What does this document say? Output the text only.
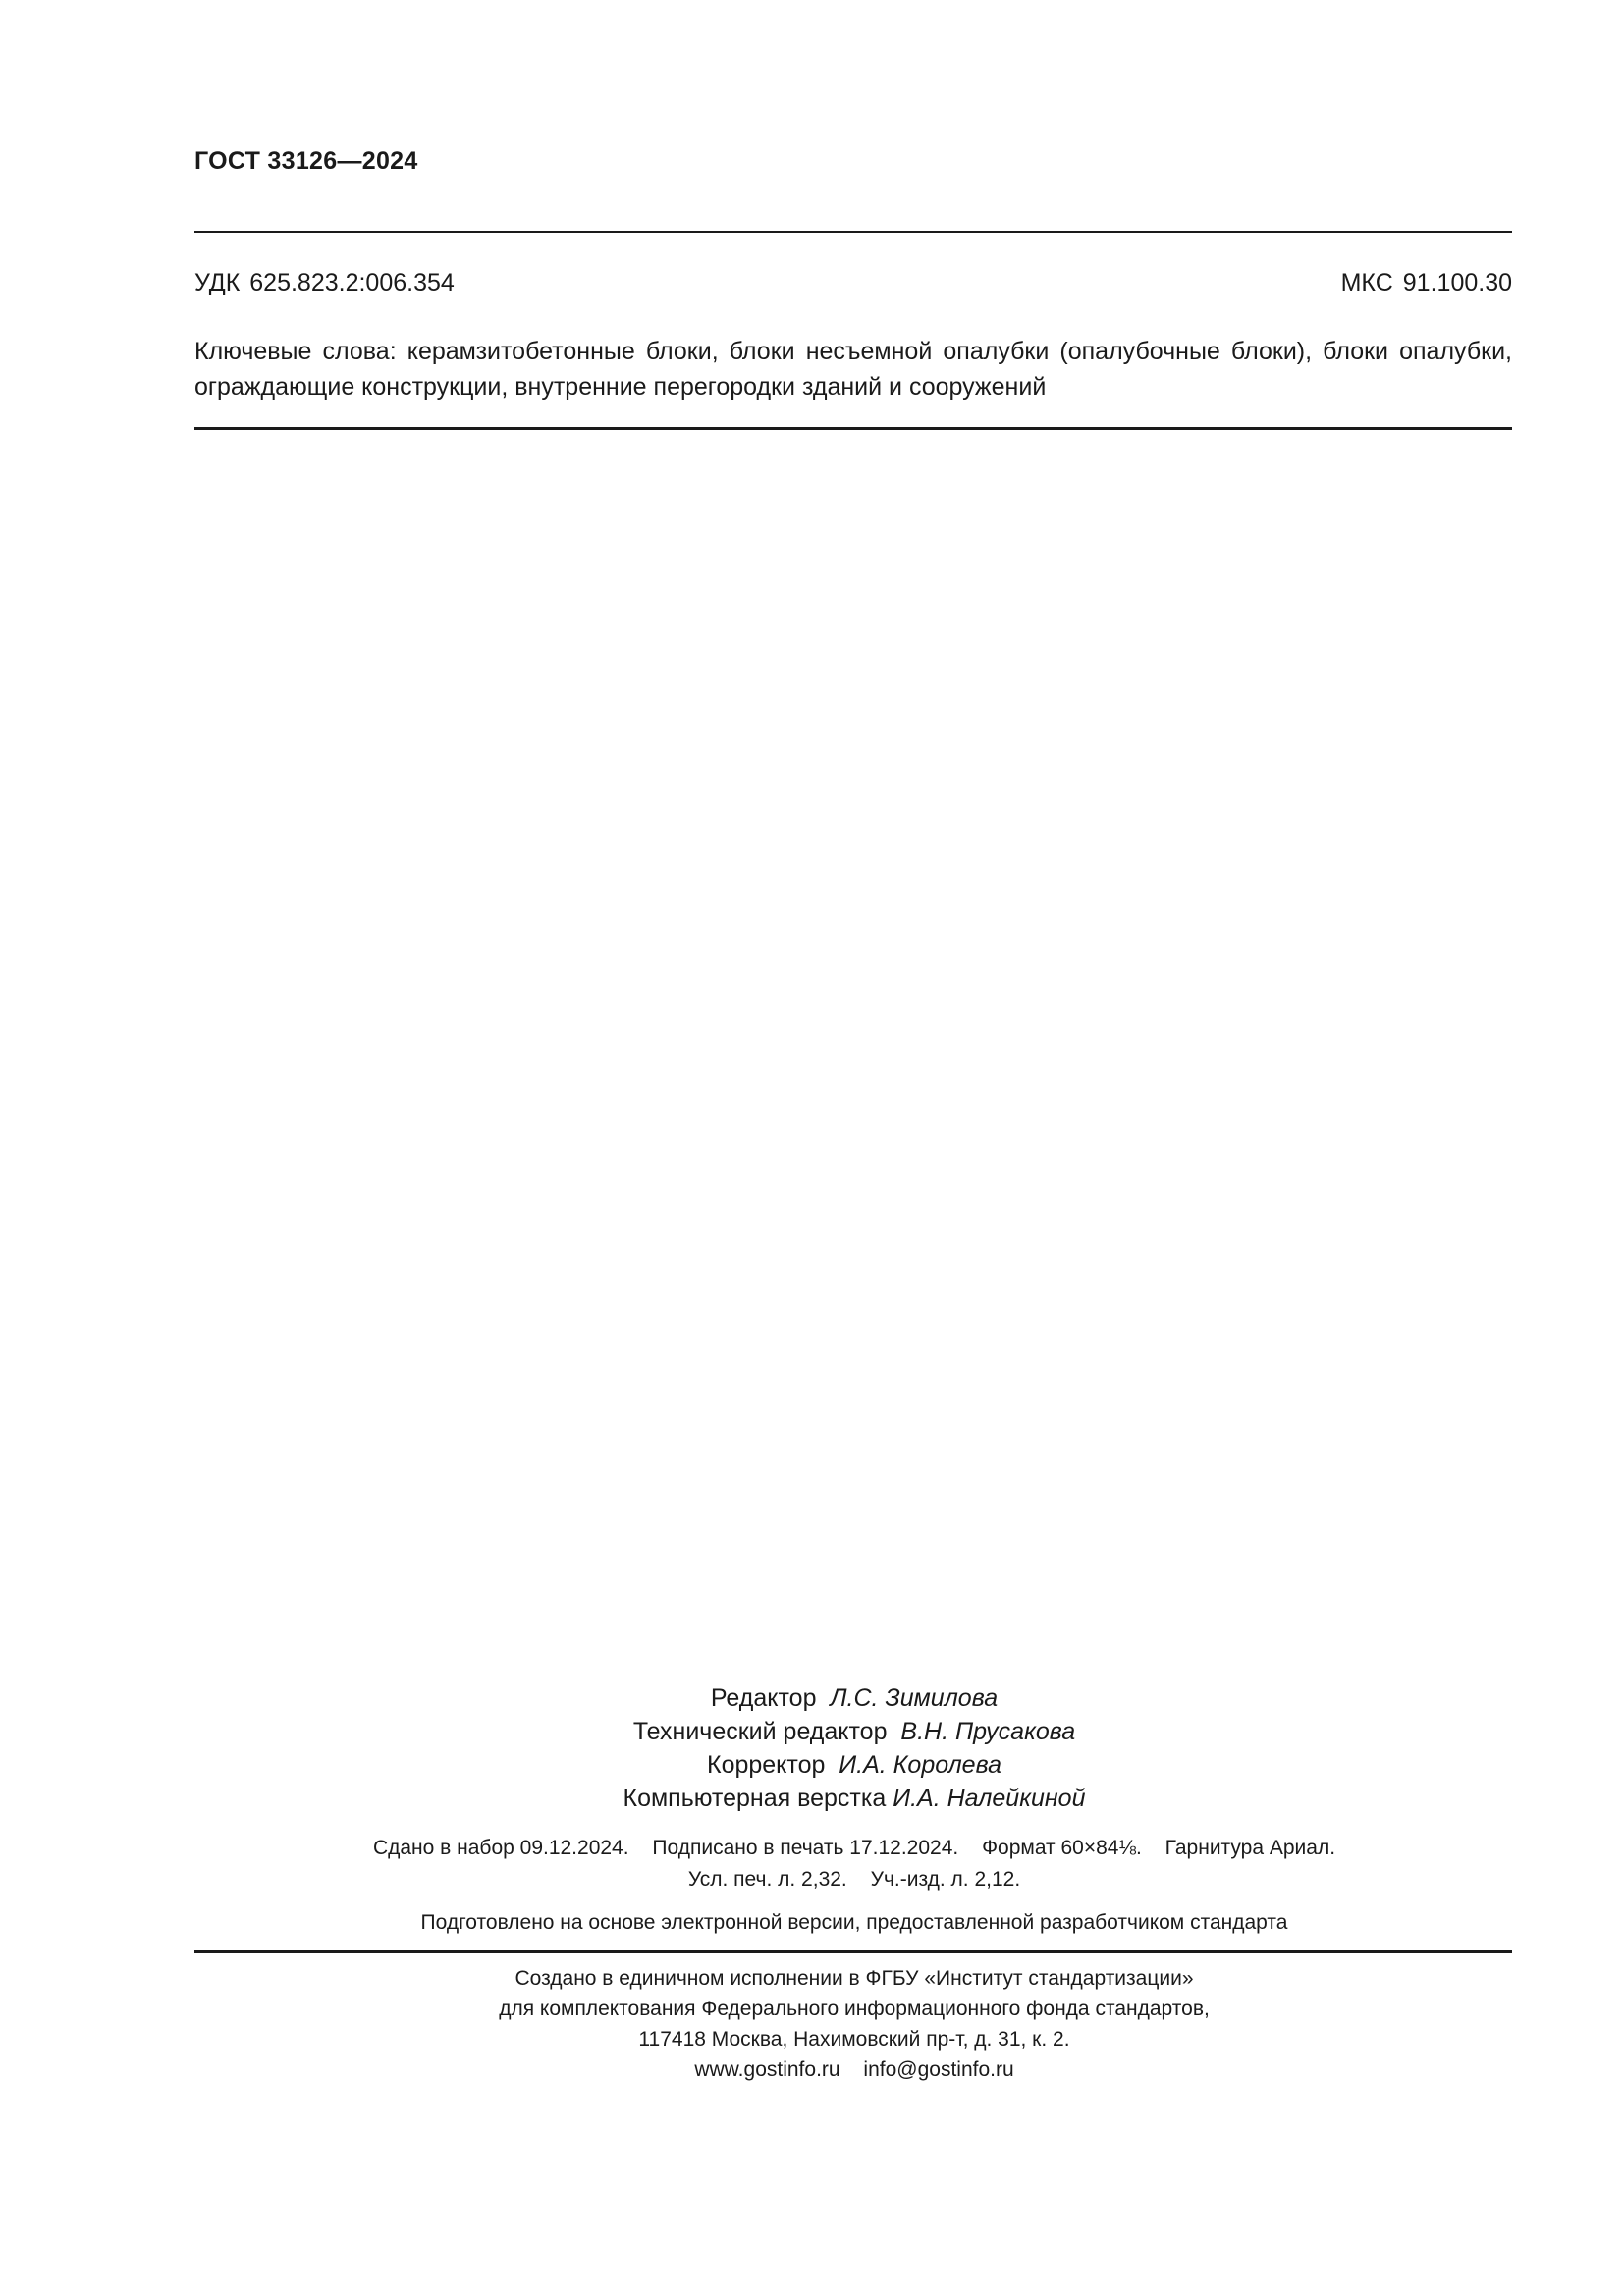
ГОСТ 33126—2024
УДК 625.823.2:006.354	МКС 91.100.30
Ключевые слова: керамзитобетонные блоки, блоки несъемной опалубки (опалубочные блоки), блоки опалубки, ограждающие конструкции, внутренние перегородки зданий и сооружений
Редактор Л.С. Зимилова
Технический редактор В.Н. Прусакова
Корректор И.А. Королева
Компьютерная верстка И.А. Налейкиной
Сдано в набор 09.12.2024. Подписано в печать 17.12.2024. Формат 60×84⅛. Гарнитура Ариал.
Усл. печ. л. 2,32. Уч.-изд. л. 2,12.
Подготовлено на основе электронной версии, предоставленной разработчиком стандарта
Создано в единичном исполнении в ФГБУ «Институт стандартизации»
для комплектования Федерального информационного фонда стандартов,
117418 Москва, Нахимовский пр-т, д. 31, к. 2.
www.gostinfo.ru info@gostinfo.ru
